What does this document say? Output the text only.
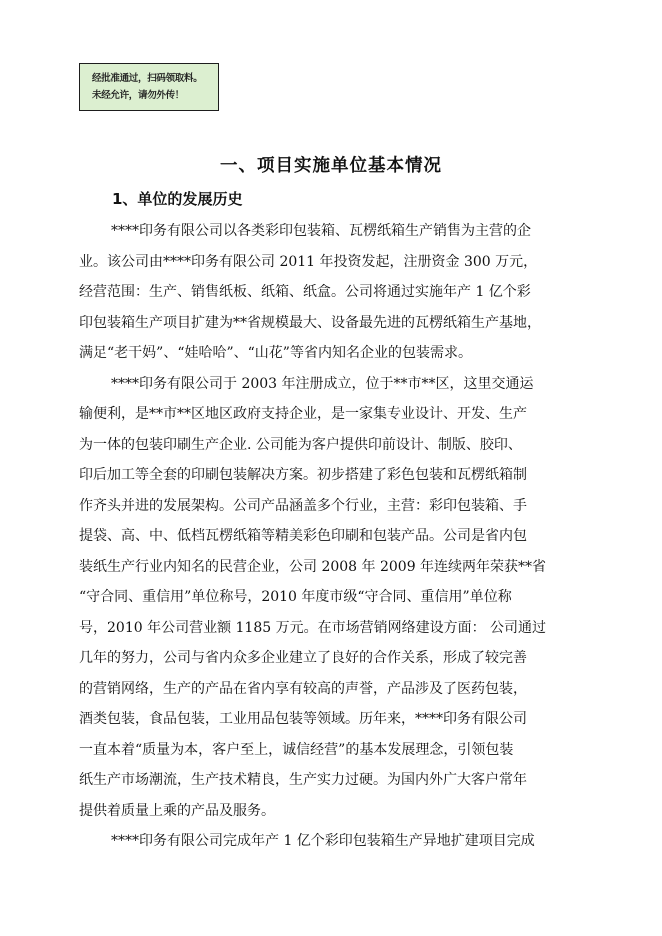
经批准通过，扫码领取料。
未经允许，请勿外传！
一、项目实施单位基本情况
1、单位的发展历史
****印务有限公司以各类彩印包装箱、瓦楞纸箱生产销售为主营的企
业。该公司由****印务有限公司 2011 年投资发起，注册资金 300 万元，
经营范围：生产、销售纸板、纸箱、纸盒。公司将通过实施年产 1 亿个彩
印包装箱生产项目扩建为**省规模最大、设备最先进的瓦楞纸箱生产基地，
满足“老干妈”、“娃哈哈”、“山花”等省内知名企业的包装需求。
****印务有限公司于 2003 年注册成立，位于**市**区，这里交通运
输便利，是**市**区地区政府支持企业，是一家集专业设计、开发、生产
为一体的包装印刷生产企业. 公司能为客户提供印前设计、制版、胶印、
印后加工等全套的印刷包装解决方案。初步搭建了彩色包装和瓦楞纸箱制
作齐头并进的发展架构。公司产品涵盖多个行业，主营：彩印包装箱、手
提袋、高、中、低档瓦楞纸箱等精美彩色印刷和包装产品。公司是省内包
装纸生产行业内知名的民营企业，公司 2008 年 2009 年连续两年荣获**省
“守合同、重信用”单位称号，2010 年度市级“守合同、重信用”单位称
号，2010 年公司营业额 1185 万元。在市场营销网络建设方面： 公司通过
几年的努力，公司与省内众多企业建立了良好的合作关系，形成了较完善
的营销网络，生产的产品在省内享有较高的声誉，产品涉及了医药包装，
酒类包装，食品包装，工业用品包装等领域。历年来，****印务有限公司
一直本着“质量为本，客户至上，诚信经营”的基本发展理念，引领包装
纸生产市场潮流，生产技术精良，生产实力过硬。为国内外广大客户常年
提供着质量上乘的产品及服务。
****印务有限公司完成年产 1 亿个彩印包装箱生产异地扩建项目完成
